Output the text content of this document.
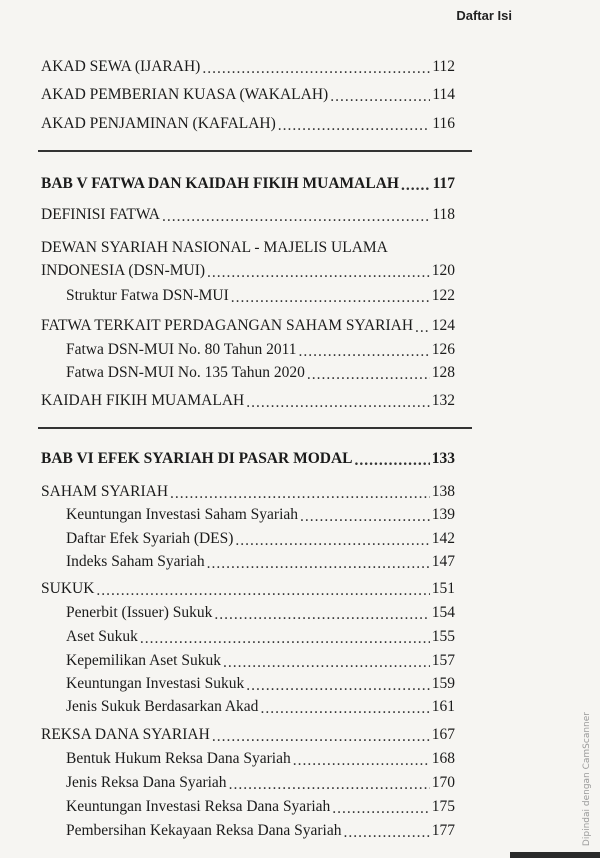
Daftar Isi
AKAD SEWA (IJARAH) .....	112
AKAD PEMBERIAN KUASA (WAKALAH) .....	114
AKAD PENJAMINAN (KAFALAH) .....	116
BAB V FATWA DAN KAIDAH FIKIH MUAMALAH ..... 117
DEFINISI FATWA .....	118
DEWAN SYARIAH NASIONAL - MAJELIS ULAMA
INDONESIA (DSN-MUI) .....	120
Struktur Fatwa DSN-MUI .....	122
FATWA TERKAIT PERDAGANGAN SAHAM SYARIAH ..... 124
Fatwa DSN-MUI No. 80 Tahun 2011 .....	126
Fatwa DSN-MUI No. 135 Tahun 2020 .....	128
KAIDAH FIKIH MUAMALAH .....	132
BAB VI EFEK SYARIAH DI PASAR MODAL .....	133
SAHAM SYARIAH .....	138
Keuntungan Investasi Saham Syariah .....	139
Daftar Efek Syariah (DES) .....	142
Indeks Saham Syariah .....	147
SUKUK .....	151
Penerbit (Issuer) Sukuk .....	154
Aset Sukuk .....	155
Kepemilikan Aset Sukuk .....	157
Keuntungan Investasi Sukuk .....	159
Jenis Sukuk Berdasarkan Akad .....	161
REKSA DANA SYARIAH .....	167
Bentuk Hukum Reksa Dana Syariah .....	168
Jenis Reksa Dana Syariah .....	170
Keuntungan Investasi Reksa Dana Syariah .....	175
Pembersihan Kekayaan Reksa Dana Syariah .....	177	Dipindai dengan CamScanner
